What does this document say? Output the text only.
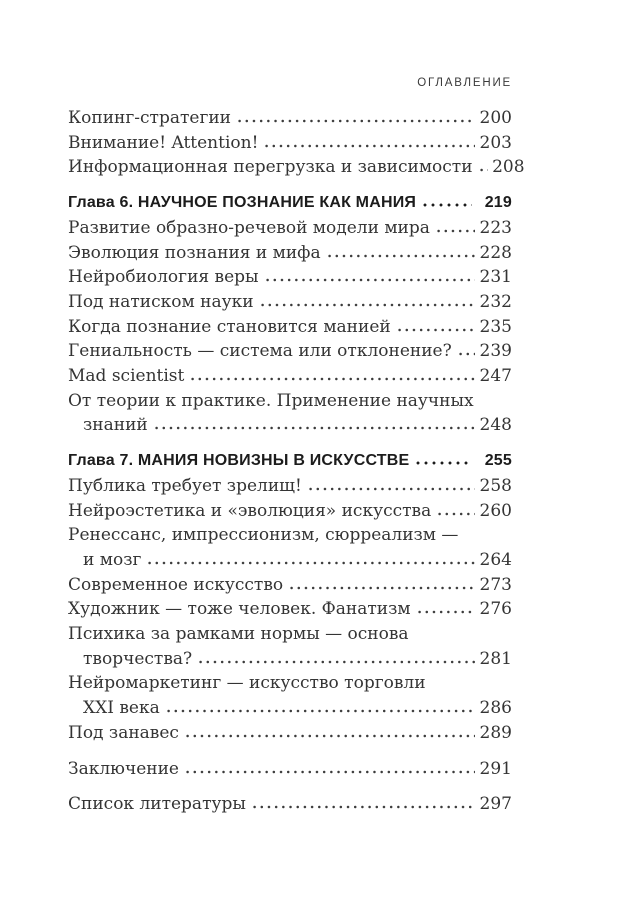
ОГЛАВЛЕНИЕ
Копинг-стратегии	200
Внимание! Attention!	203
Информационная перегрузка и зависимости 208
Глава 6. НАУЧНОЕ ПОЗНАНИЕ КАК МАНИЯ	219
Развитие образно-речевой модели мира	223
Эволюция познания и мифа	228
Нейробиология веры	231
Под натиском науки	232
Когда познание становится манией	235
Гениальность — система или отклонение? 239
Mad scientist	247
От теории к практике. Применение научных
знаний	248
Глава 7. МАНИЯ НОВИЗНЫ В ИСКУССТВЕ	255
Публика требует зрелищ!	258
Нейроэстетика и «эволюция» искусства	260
Ренессанс, импрессионизм, сюрреализм —
и мозг	264
Современное искусство	273
Художник — тоже человек. Фанатизм	276
Психика за рамками нормы — основа
творчества?	281
Нейромаркетинг — искусство торговли
XXI века	286
Под занавес	289
Заключение	291
Список литературы	297
